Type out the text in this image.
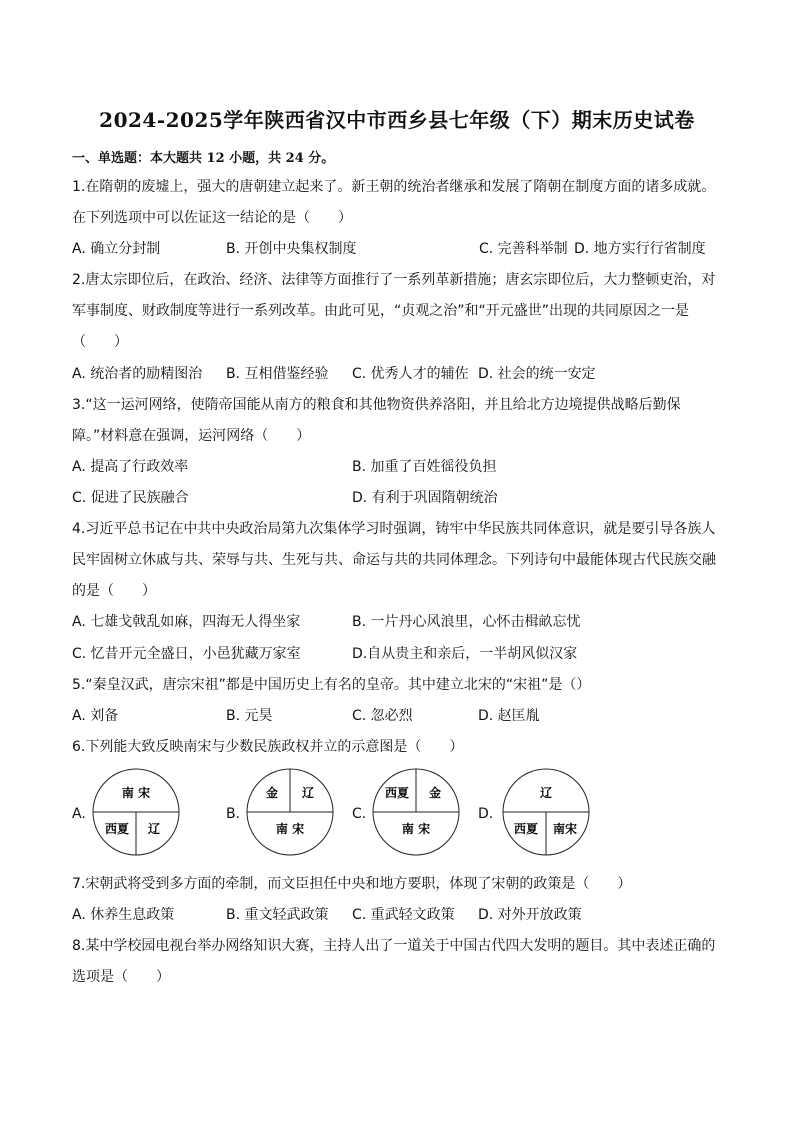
2024-2025学年陕西省汉中市西乡县七年级（下）期末历史试卷
一、单选题：本大题共 12 小题，共 24 分。
1.在隋朝的废墟上，强大的唐朝建立起来了。新王朝的统治者继承和发展了隋朝在制度方面的诸多成就。
在下列选项中可以佐证这一结论的是（　　）
A. 确立分封制	B. 开创中央集权制度	C. 完善科举制 D. 地方实行行省制度
2.唐太宗即位后，在政治、经济、法律等方面推行了一系列革新措施；唐玄宗即位后，大力整顿吏治，对
军事制度、财政制度等进行一系列改革。由此可见，“贞观之治”和“开元盛世”出现的共同原因之一是
（　　）
A. 统治者的励精图治 B. 互相借鉴经验 C. 优秀人才的辅佐 D. 社会的统一安定
3.“这一运河网络，使隋帝国能从南方的粮食和其他物资供养洛阳，并且给北方边境提供战略后勤保
障。”材料意在强调，运河网络（　　）
A. 提高了行政效率	B. 加重了百姓徭役负担
C. 促进了民族融合	D. 有利于巩固隋朝统治
4.习近平总书记在中共中央政治局第九次集体学习时强调，铸牢中华民族共同体意识，就是要引导各族人
民牢固树立休戚与共、荣辱与共、生死与共、命运与共的共同体理念。下列诗句中最能体现古代民族交融
的是（　　）
A. 七雄戈戟乱如麻，四海无人得坐家	B. 一片丹心风浪里，心怀击楫畝忘忧
C. 忆昔开元全盛日，小邑犹藏万家室	D.自从贵主和亲后，一半胡风似汉家
5.“秦皇汉武，唐宗宋祖”都是中国历史上有名的皇帝。其中建立北宋的“宋祖”是（）
A. 刘备	B. 元昊	C. 忽必烈	D. 赵匡胤
6.下列能大致反映南宋与少数民族政权并立的示意图是（　　）
A.
南 宋
西夏 辽
B.
金 辽
南 宋
C.
西夏 金
南 宋
D.
辽
西夏 南宋
7.宋朝武将受到多方面的牵制，而文臣担任中央和地方要职，体现了宋朝的政策是（　　）
A. 休养生息政策	B. 重文轻武政策 C. 重武轻文政策 D. 对外开放政策
8.某中学校园电视台举办网络知识大赛，主持人出了一道关于中国古代四大发明的题目。其中表述正确的
选项是（　　）
